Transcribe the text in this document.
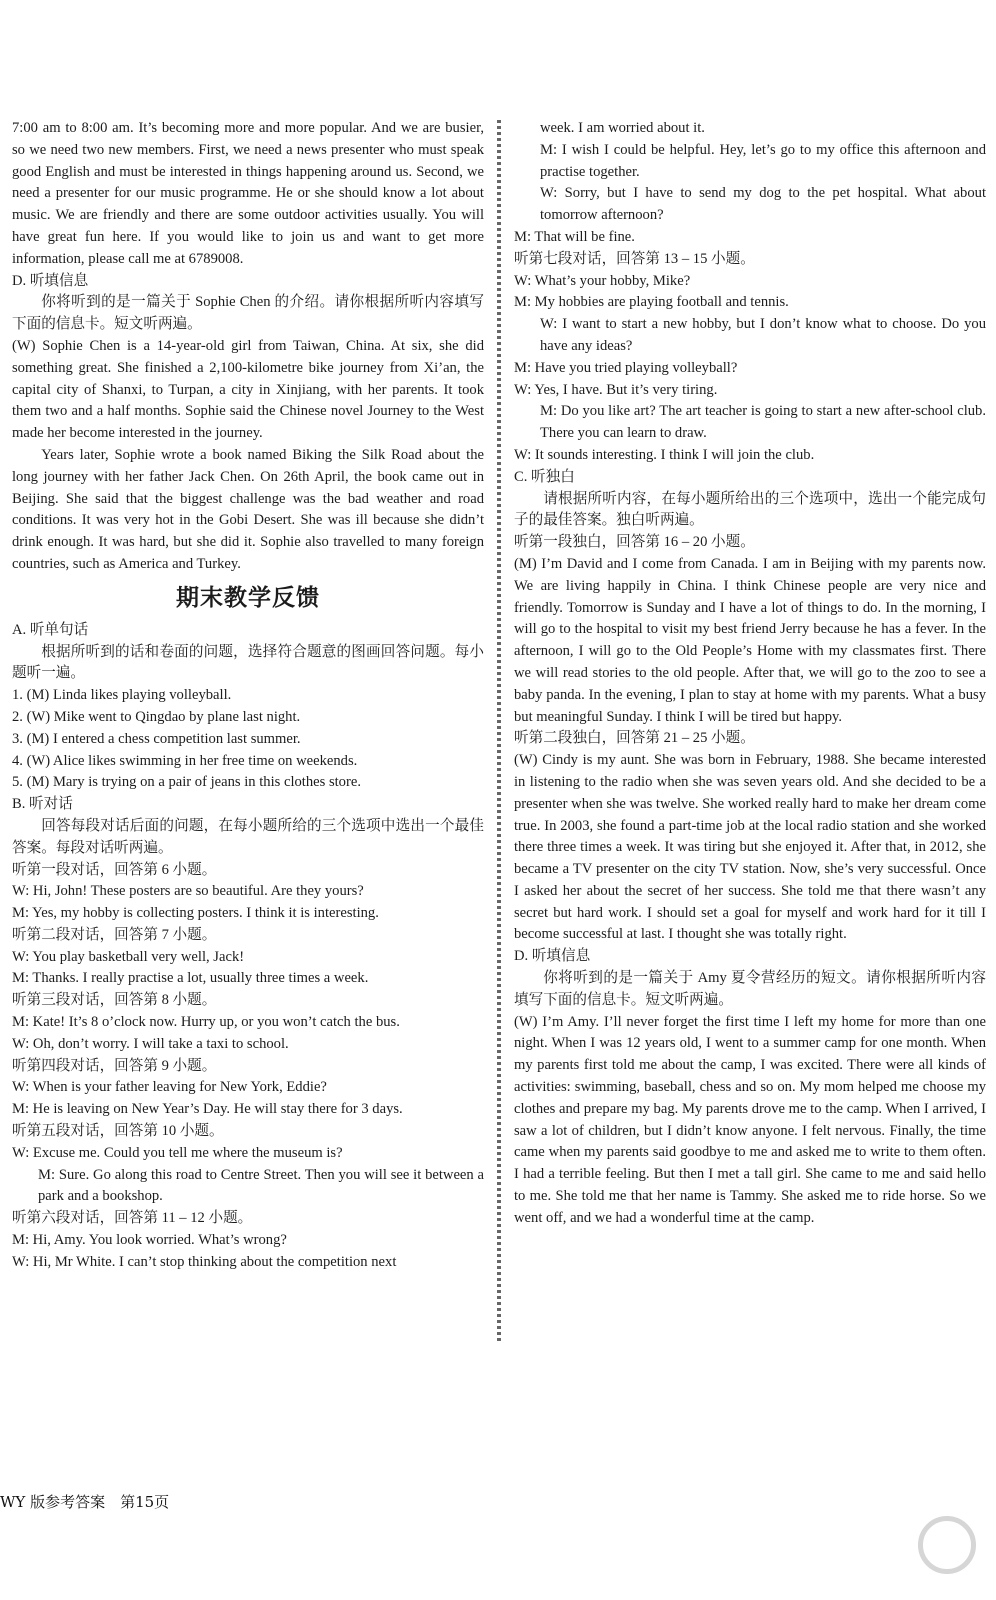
7:00 am to 8:00 am. It’s becoming more and more popular. And we are busier, so we need two new members. First, we need a news presenter who must speak good English and must be interested in things happening around us. Second, we need a presenter for our music programme. He or she should know a lot about music. We are friendly and there are some outdoor activities usually. You will have great fun here. If you would like to join us and want to get more information, please call me at 6789008.

D. 听填信息

你将听到的是一篇关于 Sophie Chen 的介绍。请你根据所听内容填写下面的信息卡。短文听两遍。

(W) Sophie Chen is a 14-year-old girl from Taiwan, China. At six, she did something great. She finished a 2,100-kilometre bike journey from Xi’an, the capital city of Shanxi, to Turpan, a city in Xinjiang, with her parents. It took them two and a half months. Sophie said the Chinese novel Journey to the West made her become interested in the journey.

Years later, Sophie wrote a book named Biking the Silk Road about the long journey with her father Jack Chen. On 26th April, the book came out in Beijing. She said that the biggest challenge was the bad weather and road conditions. It was very hot in the Gobi Desert. She was ill because she didn’t drink enough. It was hard, but she did it. Sophie also travelled to many foreign countries, such as America and Turkey.

期末教学反馈

A. 听单句话

根据所听到的话和卷面的问题，选择符合题意的图画回答问题。每小题听一遍。

1. (M) Linda likes playing volleyball.

2. (W) Mike went to Qingdao by plane last night.

3. (M) I entered a chess competition last summer.

4. (W) Alice likes swimming in her free time on weekends.

5. (M) Mary is trying on a pair of jeans in this clothes store.

B. 听对话

回答每段对话后面的问题，在每小题所给的三个选项中选出一个最佳答案。每段对话听两遍。

听第一段对话，回答第 6 小题。

W: Hi, John! These posters are so beautiful. Are they yours?

M: Yes, my hobby is collecting posters. I think it is interesting.

听第二段对话，回答第 7 小题。

W: You play basketball very well, Jack!

M: Thanks. I really practise a lot, usually three times a week.

听第三段对话，回答第 8 小题。

M: Kate! It’s 8 o’clock now. Hurry up, or you won’t catch the bus.

W: Oh, don’t worry. I will take a taxi to school.

听第四段对话，回答第 9 小题。

W: When is your father leaving for New York, Eddie?

M: He is leaving on New Year’s Day. He will stay there for 3 days.

听第五段对话，回答第 10 小题。

W: Excuse me. Could you tell me where the museum is?

M: Sure. Go along this road to Centre Street. Then you will see it between a park and a bookshop.

听第六段对话，回答第 11 – 12 小题。

M: Hi, Amy. You look worried. What’s wrong?

W: Hi, Mr White. I can’t stop thinking about the competition next

week. I am worried about it.

M: I wish I could be helpful. Hey, let’s go to my office this afternoon and practise together.

W: Sorry, but I have to send my dog to the pet hospital. What about tomorrow afternoon?

M: That will be fine.

听第七段对话，回答第 13 – 15 小题。

W: What’s your hobby, Mike?

M: My hobbies are playing football and tennis.

W: I want to start a new hobby, but I don’t know what to choose. Do you have any ideas?

M: Have you tried playing volleyball?

W: Yes, I have. But it’s very tiring.

M: Do you like art? The art teacher is going to start a new after-school club. There you can learn to draw.

W: It sounds interesting. I think I will join the club.

C. 听独白

请根据所听内容，在每小题所给出的三个选项中，选出一个能完成句子的最佳答案。独白听两遍。

听第一段独白，回答第 16 – 20 小题。

(M) I’m David and I come from Canada. I am in Beijing with my parents now. We are living happily in China. I think Chinese people are very nice and friendly. Tomorrow is Sunday and I have a lot of things to do. In the morning, I will go to the hospital to visit my best friend Jerry because he has a fever. In the afternoon, I will go to the Old People’s Home with my classmates first. There we will read stories to the old people. After that, we will go to the zoo to see a baby panda. In the evening, I plan to stay at home with my parents. What a busy but meaningful Sunday. I think I will be tired but happy.

听第二段独白，回答第 21 – 25 小题。

(W) Cindy is my aunt. She was born in February, 1988. She became interested in listening to the radio when she was seven years old. And she decided to be a presenter when she was twelve. She worked really hard to make her dream come true. In 2003, she found a part-time job at the local radio station and she worked there three times a week. It was tiring but she enjoyed it. After that, in 2012, she became a TV presenter on the city TV station. Now, she’s very successful. Once I asked her about the secret of her success. She told me that there wasn’t any secret but hard work. I should set a goal for myself and work hard for it till I become successful at last. I thought she was totally right.

D. 听填信息

你将听到的是一篇关于 Amy 夏令营经历的短文。请你根据所听内容填写下面的信息卡。短文听两遍。

(W) I’m Amy. I’ll never forget the first time I left my home for more than one night. When I was 12 years old, I went to a summer camp for one month. When my parents first told me about the camp, I was excited. There were all kinds of activities: swimming, baseball, chess and so on. My mom helped me choose my clothes and prepare my bag. My parents drove me to the camp. When I arrived, I saw a lot of children, but I didn’t know anyone. I felt nervous. Finally, the time came when my parents said goodbye to me and asked me to write to them often. I had a terrible feeling. But then I met a tall girl. She came to me and said hello to me. She told me that her name is Tammy. She asked me to ride horse. So we went off, and we had a wonderful time at the camp.

WY 版参考答案　第15页
